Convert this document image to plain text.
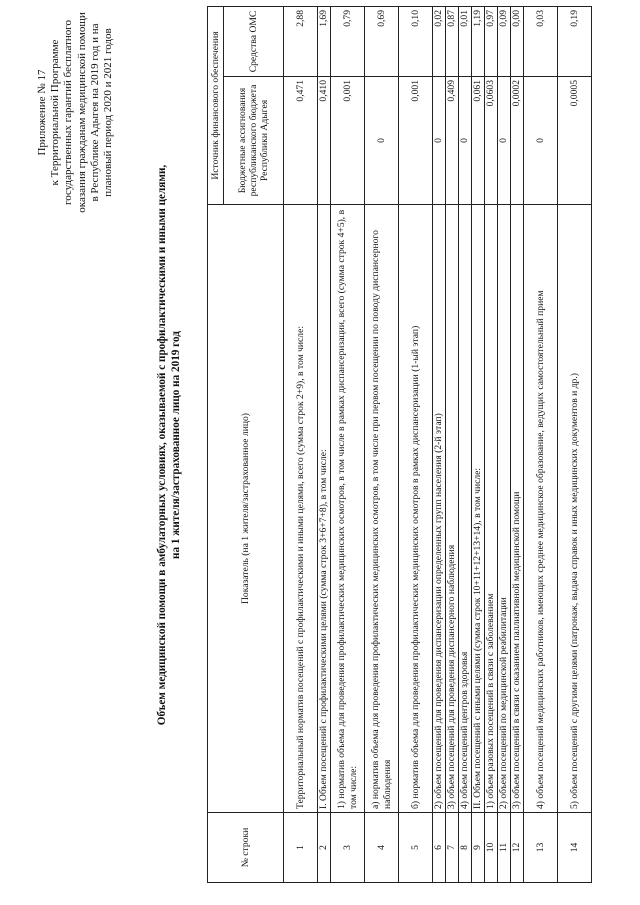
Приложение № 17 к Территориальной Программе государственных гарантий бесплатного оказания гражданам медицинской помощи в Республике Адыгея на 2019 год и на плановый период 2020 и 2021 годов
Объем медицинской помощи в амбулаторных условиях, оказываемой с профилактическими и иными целями, на 1 жителя/застрахованное лицо на 2019 год
№ строки	Показатель (на 1 жителя/застрахованное лицо)	Источник финансового обеспечения	
		Бюджетные ассигнования республиканского бюджета Республики Адыгея	Средства ОМС
1	Территориальный норматив посещений с профилактическими и иными целями, всего (сумма строк 2+9), в том числе:	0,471	2,88
2	I. Объем посещений с профилактическими целями (сумма строк 3+6+7+8), в том числе:	0,410	1,69
3	1) норматив объема для проведения профилактических медицинских осмотров, в том числе в рамках диспансеризации, всего (сумма строк 4+5), в том числе:	0,001	0,79
4	а) норматив объема для проведения профилактических медицинских осмотров, в том числе при первом посещении по поводу диспансерного наблюдения	0	0,69
5	б) норматив объема для проведения профилактических медицинских осмотров в рамках диспансеризации (1-ый этап)	0,001	0,10
6	2) объем посещений для проведения диспансеризации определенных групп населения (2-й этап)	0	0,02
7	3) объем посещений для проведения диспансерного наблюдения	0,409	0,87
8	4) объем посещений центров здоровья	0	0,01
9	II. Объем посещений с иными целями (сумма строк 10+11+12+13+14), в том числе:	0,061	1,19
10	1) объем разовых посещений в связи с заболеванием	0,0603	0,97
11	2) объем посещений по медицинской реабилитации	0	0,09
12	3) объем посещений в связи с оказанием паллиативной медицинской помощи	0,0002	0,00
13	4) объем посещений медицинских работников, имеющих среднее медицинское образование, ведущих самостоятельный прием	0	0,03
14	5) объем посещений с другими целями (патронаж, выдача справок и иных медицинских документов и др.)	0,0005	0,19
